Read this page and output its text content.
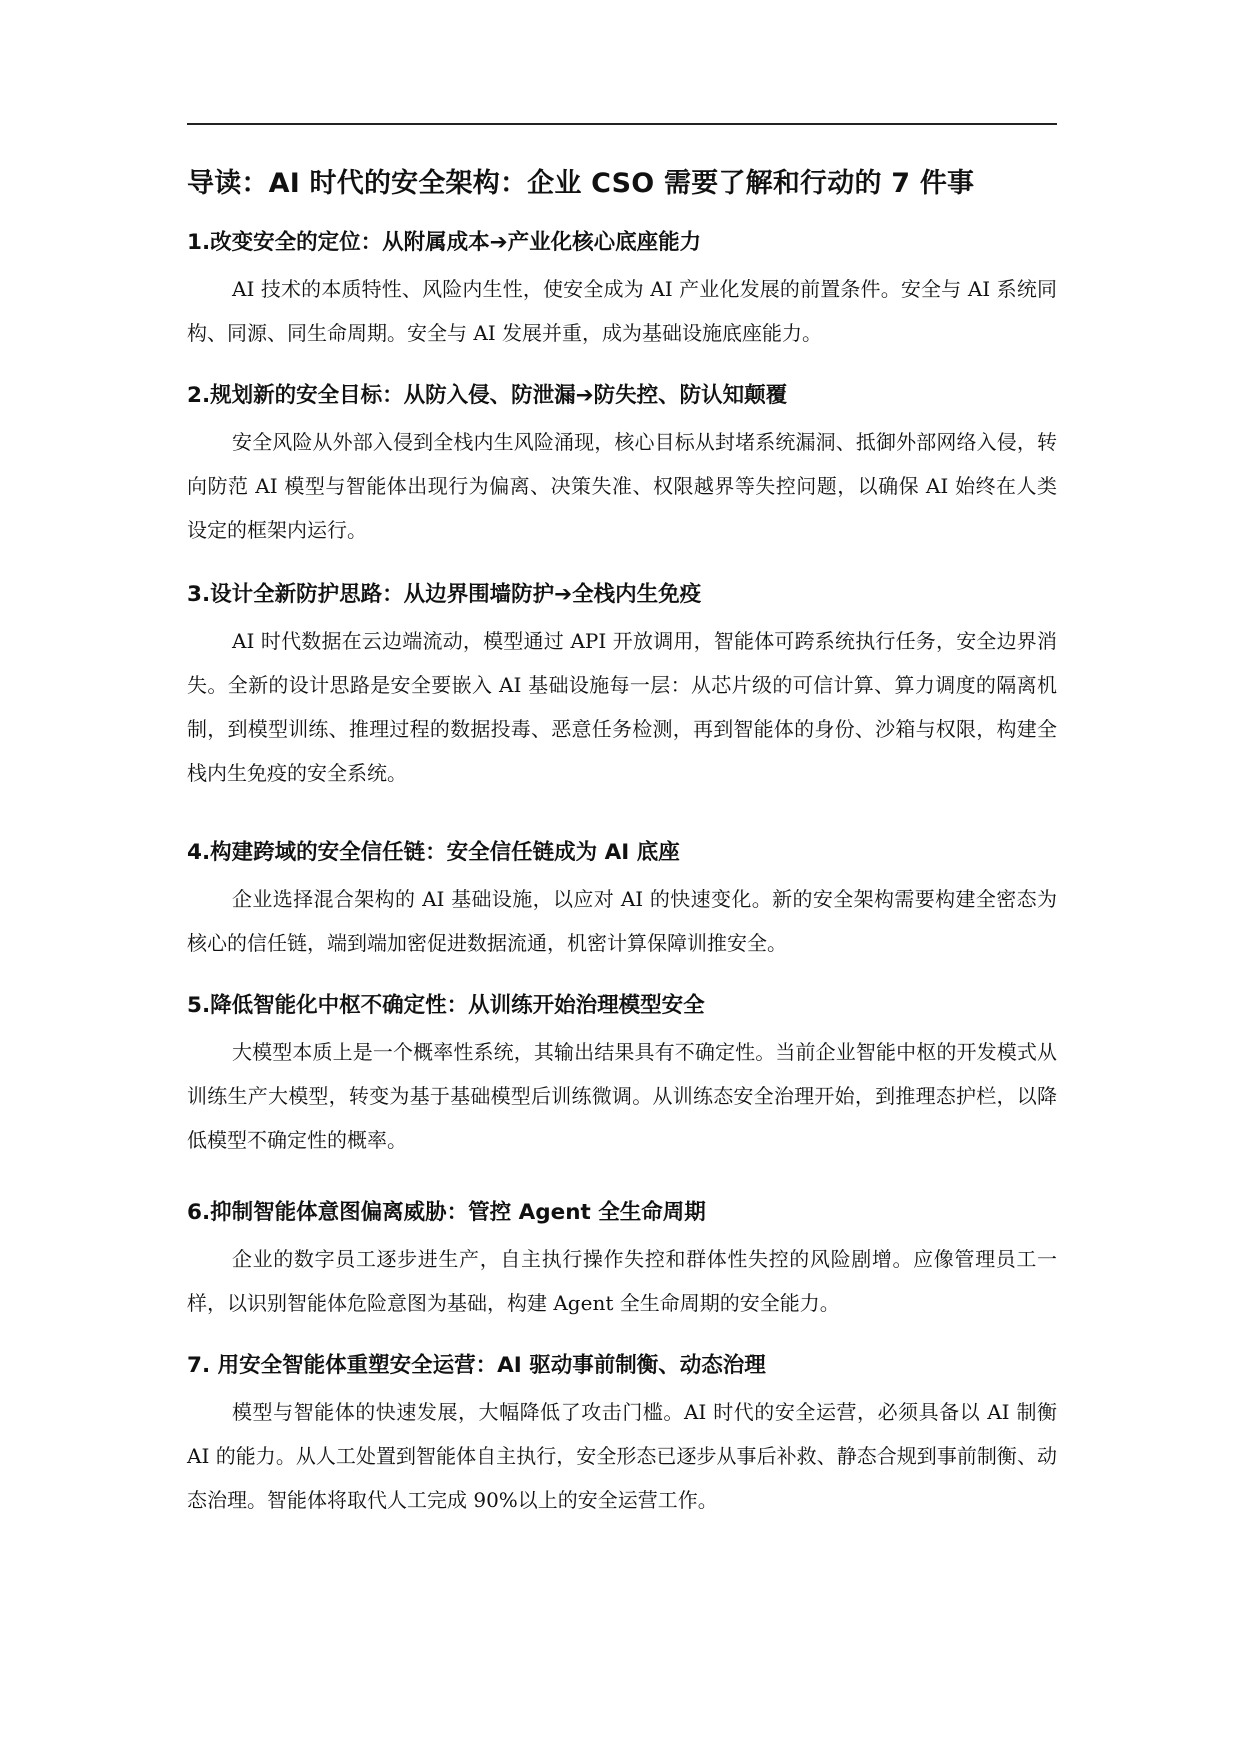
导读：AI 时代的安全架构：企业 CSO 需要了解和行动的 7 件事
1.改变安全的定位：从附属成本➔产业化核心底座能力

AI 技术的本质特性、风险内生性，使安全成为 AI 产业化发展的前置条件。安全与 AI 系统同构、同源、同生命周期。安全与 AI 发展并重，成为基础设施底座能力。

2.规划新的安全目标：从防入侵、防泄漏➔防失控、防认知颠覆

安全风险从外部入侵到全栈内生风险涌现，核心目标从封堵系统漏洞、抵御外部网络入侵，转向防范 AI 模型与智能体出现行为偏离、决策失准、权限越界等失控问题，以确保 AI 始终在人类设定的框架内运行。

3.设计全新防护思路：从边界围墙防护➔全栈内生免疫

AI 时代数据在云边端流动，模型通过 API 开放调用，智能体可跨系统执行任务，安全边界消失。全新的设计思路是安全要嵌入 AI 基础设施每一层：从芯片级的可信计算、算力调度的隔离机制，到模型训练、推理过程的数据投毒、恶意任务检测，再到智能体的身份、沙箱与权限，构建全栈内生免疫的安全系统。

4.构建跨域的安全信任链：安全信任链成为 AI 底座

企业选择混合架构的 AI 基础设施，以应对 AI 的快速变化。新的安全架构需要构建全密态为核心的信任链，端到端加密促进数据流通，机密计算保障训推安全。

5.降低智能化中枢不确定性：从训练开始治理模型安全

大模型本质上是一个概率性系统，其输出结果具有不确定性。当前企业智能中枢的开发模式从训练生产大模型，转变为基于基础模型后训练微调。从训练态安全治理开始，到推理态护栏，以降低模型不确定性的概率。

6.抑制智能体意图偏离威胁：管控 Agent 全生命周期

企业的数字员工逐步进生产，自主执行操作失控和群体性失控的风险剧增。应像管理员工一样，以识别智能体危险意图为基础，构建 Agent 全生命周期的安全能力。

7. 用安全智能体重塑安全运营：AI 驱动事前制衡、动态治理

模型与智能体的快速发展，大幅降低了攻击门槛。AI 时代的安全运营，必须具备以 AI 制衡 AI 的能力。从人工处置到智能体自主执行，安全形态已逐步从事后补救、静态合规到事前制衡、动态治理。智能体将取代人工完成 90%以上的安全运营工作。
